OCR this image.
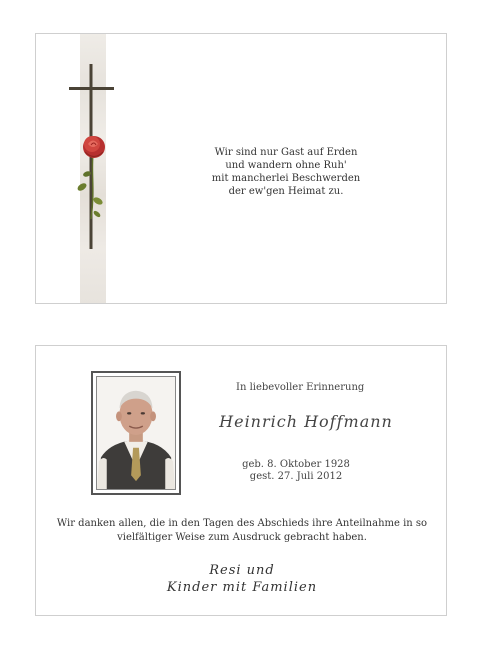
Wir sind nur Gast auf Erden
und wandern ohne Ruh'
mit mancherlei Beschwerden
der ew'gen Heimat zu.
In liebevoller Erinnerung
Heinrich Hoffmann
geb. 8. Oktober 1928
gest. 27. Juli 2012
Wir danken allen, die in den Tagen des Abschieds ihre Anteilnahme in so
vielfältiger Weise zum Ausdruck gebracht haben.
Resi und
Kinder mit Familien
